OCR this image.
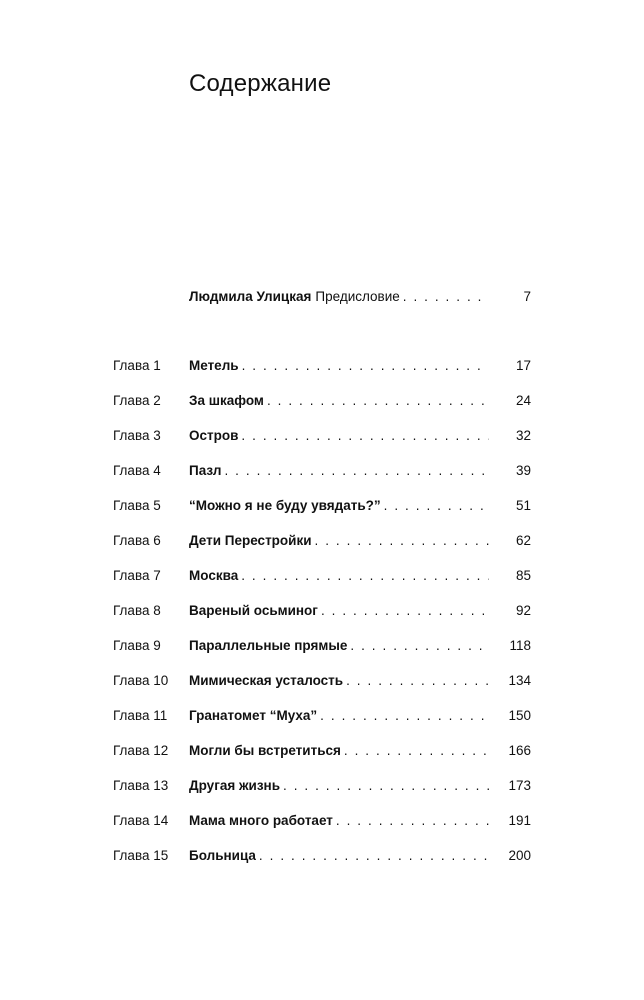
Содержание
Людмила Улицкая Предисловие . . .	7
Глава 1 Метель . . .	17
Глава 2 За шкафом . . .	24
Глава 3 Остров . . .	32
Глава 4 Пазл . . .	39
Глава 5 “Можно я не буду увядать?” . . .	51
Глава 6 Дети Перестройки . . .	62
Глава 7 Москва . . .	85
Глава 8 Вареный осьминог . . .	92
Глава 9 Параллельные прямые . . .	118
Глава 10 Мимическая усталость . . .	134
Глава 11 Гранатомет “Муха” . . .	150
Глава 12 Могли бы встретиться . . .	166
Глава 13 Другая жизнь . . .	173
Глава 14 Мама много работает . . .	191
Глава 15 Больница . . .	200
